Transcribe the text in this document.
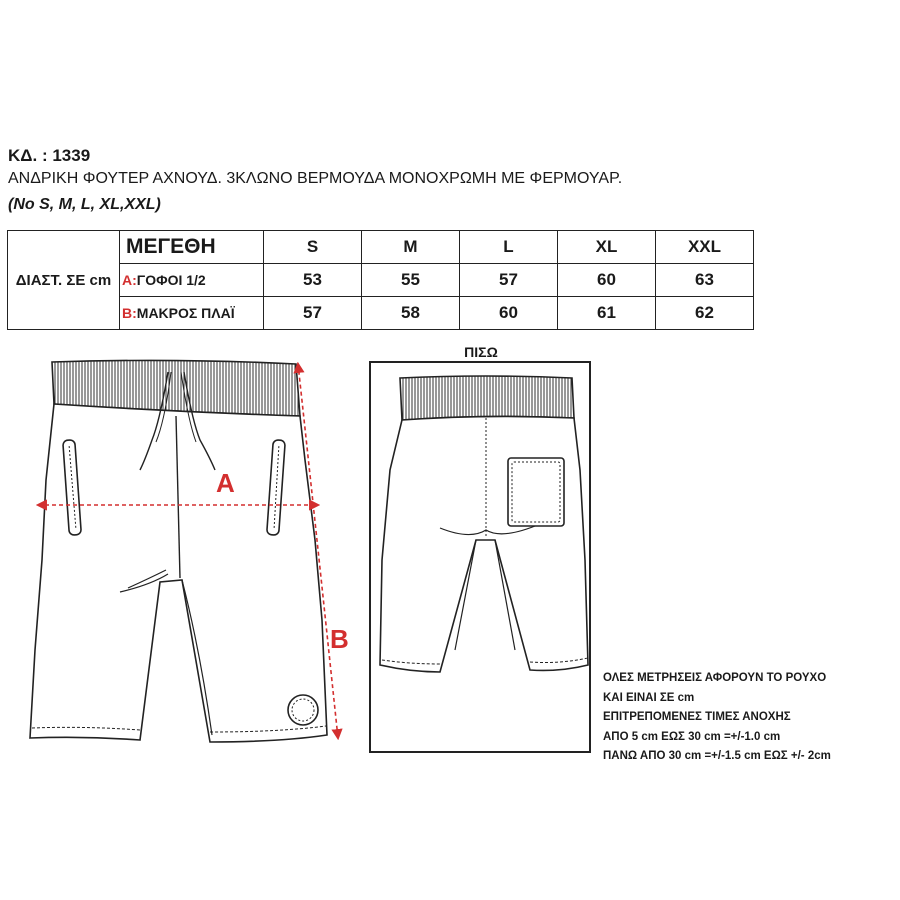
ΚΔ. : 1339
ΑΝΔΡΙΚΗ ΦΟΥΤΕΡ ΑΧΝΟΥΔ. 3ΚΛΩΝΟ ΒΕΡΜΟΥΔΑ ΜΟΝΟΧΡΩΜΗ ΜΕ ΦΕΡΜΟΥΑΡ.
(No S, M, L, XL,XXL)
ΔΙΑΣΤ. ΣΕ cm	ΜΕΓΕΘΗ	S	M	L	XL	XXL
	A:ΓΟΦΟΙ 1/2	53	55	57	60	63
	B:ΜΑΚΡΟΣ ΠΛΑΪ	57	58	60	61	62
A
B
ΠΙΣΩ
ΟΛΕΣ ΜΕΤΡΗΣΕΙΣ ΑΦΟΡΟΥΝ ΤΟ ΡΟΥΧΟ
ΚΑΙ ΕΙΝΑΙ ΣΕ cm
ΕΠΙΤΡΕΠΟΜΕΝΕΣ ΤΙΜΕΣ ΑΝΟΧΗΣ
ΑΠΟ 5 cm ΕΩΣ 30 cm =+/-1.0 cm
ΠΑΝΩ ΑΠΟ 30 cm =+/-1.5 cm ΕΩΣ +/- 2cm
